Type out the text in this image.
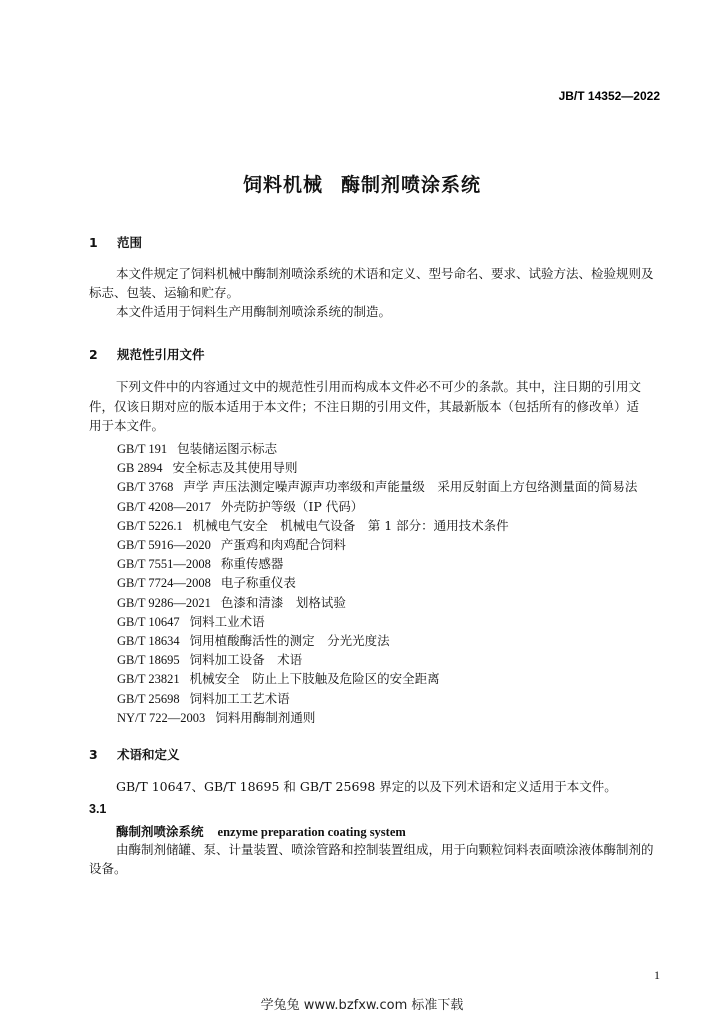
JB/T 14352—2022
饲料机械 酶制剂喷涂系统
1 范围
本文件规定了饲料机械中酶制剂喷涂系统的术语和定义、型号命名、要求、试验方法、检验规则及
标志、包装、运输和贮存。
本文件适用于饲料生产用酶制剂喷涂系统的制造。
2 规范性引用文件
下列文件中的内容通过文中的规范性引用而构成本文件必不可少的条款。其中，注日期的引用文
件，仅该日期对应的版本适用于本文件；不注日期的引用文件，其最新版本（包括所有的修改单）适
用于本文件。
GB/T 191 包装储运图示标志
GB 2894 安全标志及其使用导则
GB/T 3768 声学 声压法测定噪声源声功率级和声能量级　采用反射面上方包络测量面的简易法
GB/T 4208—2017 外壳防护等级（IP 代码）
GB/T 5226.1 机械电气安全　机械电气设备　第 1 部分：通用技术条件
GB/T 5916—2020 产蛋鸡和肉鸡配合饲料
GB/T 7551—2008 称重传感器
GB/T 7724—2008 电子称重仪表
GB/T 9286—2021 色漆和清漆　划格试验
GB/T 10647 饲料工业术语
GB/T 18634 饲用植酸酶活性的测定　分光光度法
GB/T 18695 饲料加工设备　术语
GB/T 23821 机械安全　防止上下肢触及危险区的安全距离
GB/T 25698 饲料加工工艺术语
NY/T 722—2003 饲料用酶制剂通则
3 术语和定义
GB/T 10647、GB/T 18695 和 GB/T 25698 界定的以及下列术语和定义适用于本文件。
3.1
酶制剂喷涂系统 enzyme preparation coating system
由酶制剂储罐、泵、计量装置、喷涂管路和控制装置组成，用于向颗粒饲料表面喷涂液体酶制剂的
设备。
1
学兔兔 www.bzfxw.com 标准下载
